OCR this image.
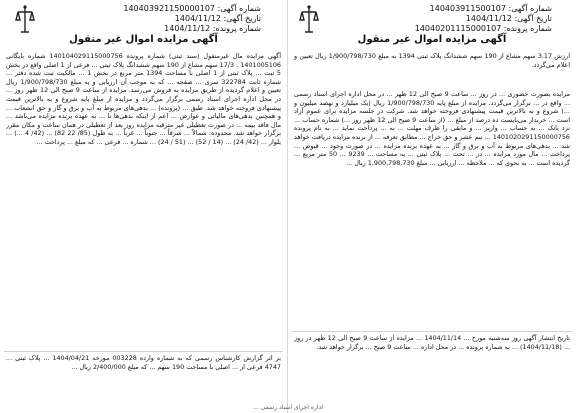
شماره آگهی: 140403921150000107
تاریخ آگهی: 1404/11/12
شماره پرونده: 1404/11/12
آگهی مزایده اموال غیر منقول
آگهی مزایده مال غیرمنقول (سند ثبتی) شماره پرونده 140104029115000756 شماره بایگانی 1401005106 . 17/3 سهم مشاع از 190 سهم ششدانگ پلاک ثبتی ... فرعی از 1 اصلی واقع در بخش 5 ثبت ... پلاک ثبتی از 1 اصلی با مساحت 1394 متر مربع در بخش 1 ... مالکیت ثبت شده دفتر ... شماره ثابت 322784 سری ... صفحه ... که به موجب آن ارزیابی و به مبلغ 1/900/798/730 ریال تعیین و اعلام گردیده از طریق مزایده به فروش می‌رسد. مزایده از ساعت 9 صبح الی 12 ظهر روز ... در محل اداره اجرای اسناد رسمی برگزار می‌گردد و مزایده از مبلغ پایه شروع و به بالاترین قیمت پیشنهادی فروخته خواهد شد. طبق ... (پرونده) ... بدهی‌های مربوط به آب و برق و گاز و حق انشعاب ... و همچنین بدهی‌های مالیاتی و عوارض ... اعم از اینکه بدهی‌ها تا ... به عهده برنده مزایده می‌باشد ... مال فاقد بیمه ... در صورت تعطیلی غیر مترقبه مزایده روز بعد از تعطیلی در همان ساعت و مکان مقرر برگزار خواهد شد. محدوده: شمالاً ... شرقاً ... جنوباً ... غرباً ... به طول (85/ 22 82) ... (42/ 4 ...) ... بلوار ... (42/ 24) ... (14 / 52) ... (51 / 24) ... شماره ... فرعی ... که مبلغ ... پرداخت ...
بر اثر گزارش کارشناس رسمی که به شماره وارده 003228 مورخه 1404/04/21 ... پلاک ثبتی ... 4747 فرعی از ... اصلی با مساحت 190 سهم ... که مبلغ 2/400/000 ریال ...
شماره آگهی: 140403911500107
تاریخ آگهی: 1404/11/12
شماره پرونده: 14040201115000107
آگهی مزایده اموال غیر منقول
ارزش 3.17 سهم مشاع از 190 سهم ششدانگ پلاک ثبتی 1394 به مبلغ 1/900/798/730 ریال تعیین و اعلام می‌گردد.
مزایده بصورت حضوری ... در روز ... ساعت 9 صبح الی 12 ظهر ... در محل اداره اجرای اسناد رسمی ... واقع در ... برگزار می‌گردد. مزایده از مبلغ پایه 1/900/798/730 ریال (یک میلیارد و نهصد میلیون و ...) شروع و به بالاترین قیمت پیشنهادی فروخته خواهد شد. شرکت در جلسه مزایده برای عموم آزاد است ... خریدار می‌بایست ده درصد از مبلغ ... (از ساعت 9 صبح الی 12 ظهر روز ...) شماره حساب ... نزد بانک ... به حساب ... واریز ... و مابقی را ظرف مهلت ... به ... پرداخت نماید ... به نام پرونده 1401020291150000756 ... نیم عشر و حق حراج ... مطابق تعرفه ... از برنده مزایده دریافت خواهد شد ... بدهی‌های مربوط به آب و برق و گاز ... به عهده برنده مزایده ... در صورت وجود ... قبوض ... پرداخت ... مال مورد مزایده ... در ... تحت ... پلاک ثبتی ... به مساحت ... 9239 ... 50 متر مربع ... گردیده است ... به نحوی که ... ملاحظه ... ارزیابی ... مبلغ 1,900,798,730 ریال ...
تاریخ انتشار آگهی روز سه‌شنبه مورخ ... 1404/11/14 ... مزایده از ساعت 9 صبح الی 12 ظهر در روز ... (1404/11/18) ... به شماره پرونده ... در محل اداره ... ساعت 9 صبح ... برگزار خواهد شد.
اداره اجرای اسناد رسمی ...
